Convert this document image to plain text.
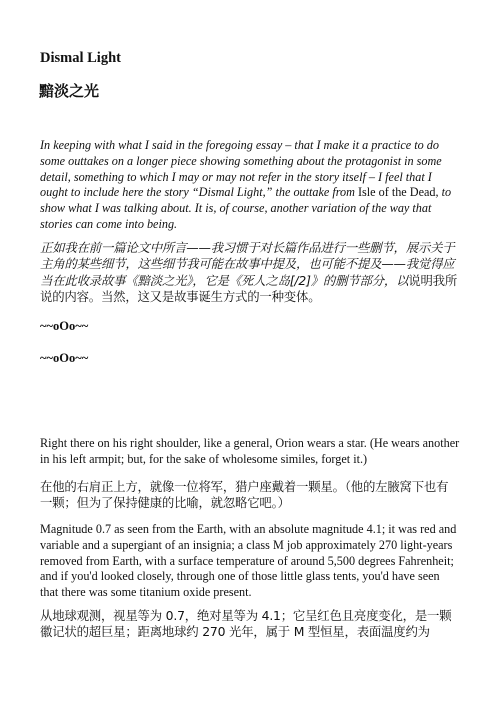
Dismal Light
黯淡之光

In keeping with what I said in the foregoing essay – that I make it a practice to do some outtakes on a longer piece showing something about the protagonist in some detail, something to which I may or may not refer in the story itself – I feel that I ought to include here the story “Dismal Light,” the outtake from Isle of the Dead, to show what I was talking about. It is, of course, another variation of the way that stories can come into being.

正如我在前一篇论文中所言——我习惯于对长篇作品进行一些删节，展示关于主角的某些细节，这些细节我可能在故事中提及，也可能不提及——我觉得应当在此收录故事《黯淡之光》，它是《死人之岛[/2]》的删节部分，以说明我所说的内容。当然，这又是故事诞生方式的一种变体。

~~oOo~~

~~oOo~~

Right there on his right shoulder, like a general, Orion wears a star. (He wears another in his left armpit; but, for the sake of wholesome similes, forget it.)

在他的右肩正上方，就像一位将军，猎户座戴着一颗星。（他的左腋窝下也有一颗；但为了保持健康的比喻，就忽略它吧。）

Magnitude 0.7 as seen from the Earth, with an absolute magnitude 4.1; it was red and variable and a supergiant of an insignia; a class M job approximately 270 light-years removed from Earth, with a surface temperature of around 5,500 degrees Fahrenheit; and if you'd looked closely, through one of those little glass tents, you'd have seen that there was some titanium oxide present.

从地球观测，视星等为 0.7，绝对星等为 4.1；它呈红色且亮度变化，是一颗徽记状的超巨星；距离地球约 270 光年，属于 M 型恒星，表面温度约为
